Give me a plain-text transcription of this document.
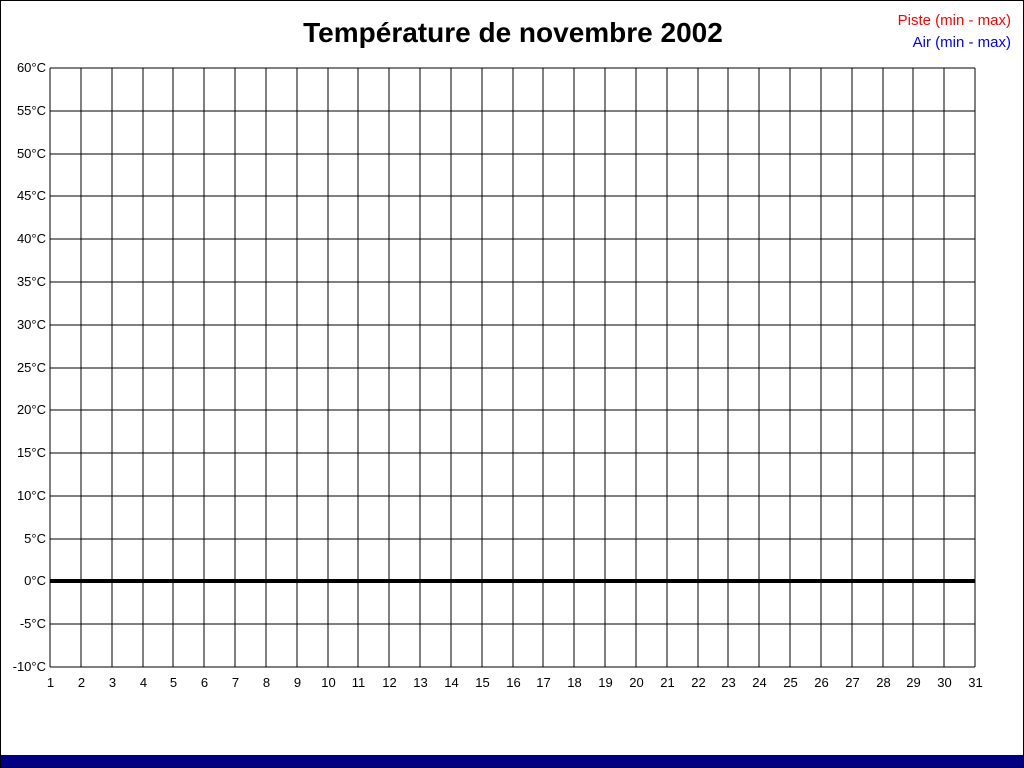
Température de novembre 2002	Piste (min - max)
Air (min - max)
60°C
55°C
50°C
45°C
40°C
35°C
30°C
25°C
20°C
15°C
10°C
5°C
0°C
-5°C
-10°C
1	2	3	4	5	6	7	8	9	10	11	12	13	14	15	16	17	18	19	20	21	22	23	24	25	26	27	28	29	30	31
